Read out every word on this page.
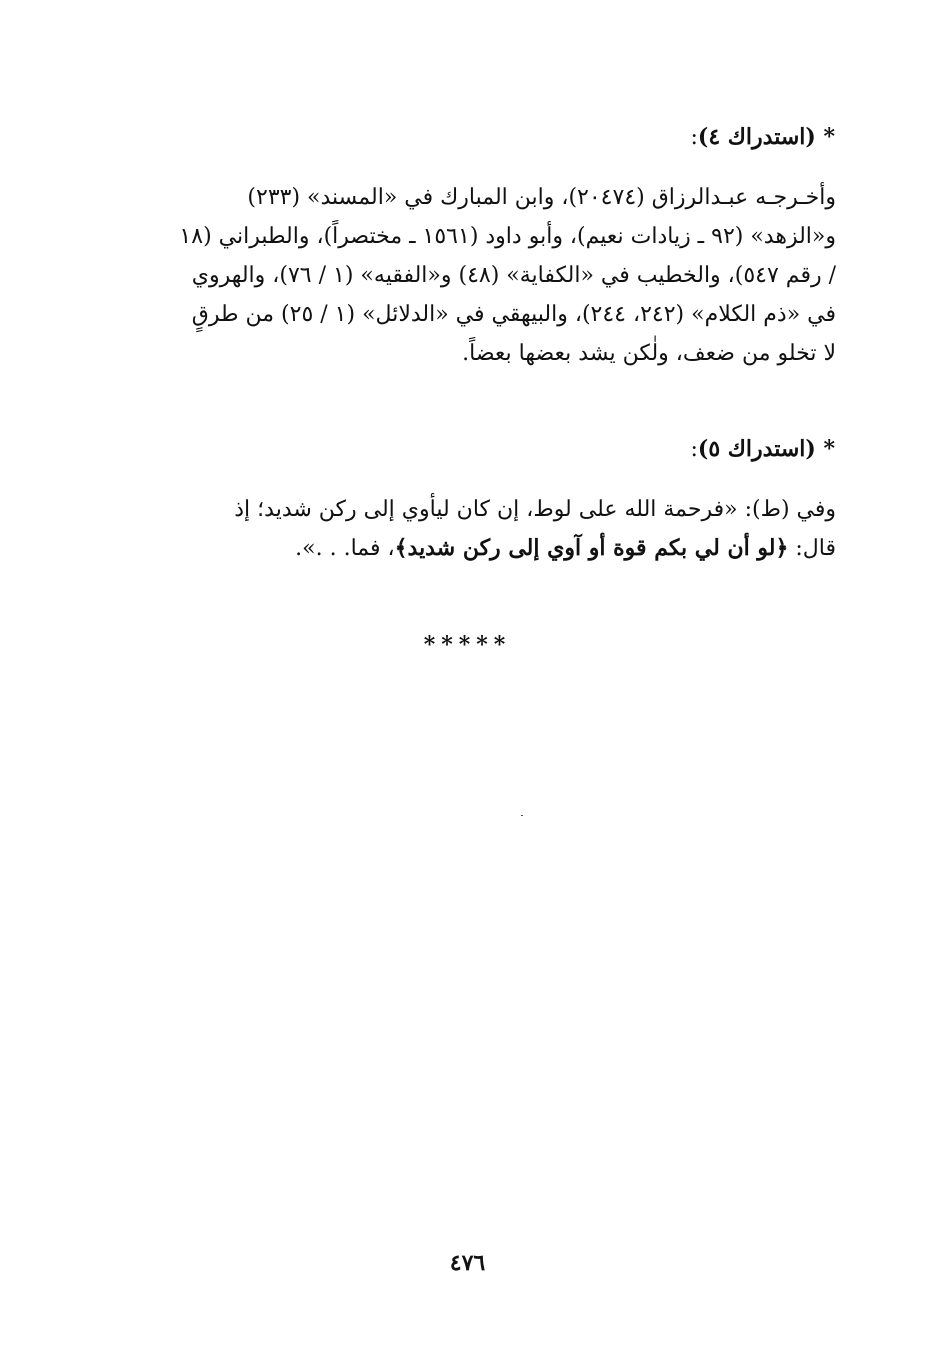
* (استدراك ٤):
وأخـرجـه عبـدالرزاق (٢٠٤٧٤)، وابن المبارك في «المسند» (٢٣٣)
و«الزهد» (٩٢ ـ زيادات نعيم)، وأبو داود (١٥٦١ ـ مختصراً)، والطبراني (١٨
/ رقم ٥٤٧)، والخطيب في «الكفاية» (٤٨) و«الفقيه» (١ / ٧٦)، والهروي
في «ذم الكلام» (٢٤٢، ٢٤٤)، والبيهقي في «الدلائل» (١ / ٢٥) من طرقٍ
لا تخلو من ضعف، ولٰكن يشد بعضها بعضاً.
* (استدراك ٥):
وفي (ط): «فرحمة الله على لوط، إن كان ليأوي إلى ركن شديد؛ إذ
قال: ﴿لو أن لي بكم قوة أو آوي إلى ركن شديد﴾، فما. . .».
*****
٤٧٦
